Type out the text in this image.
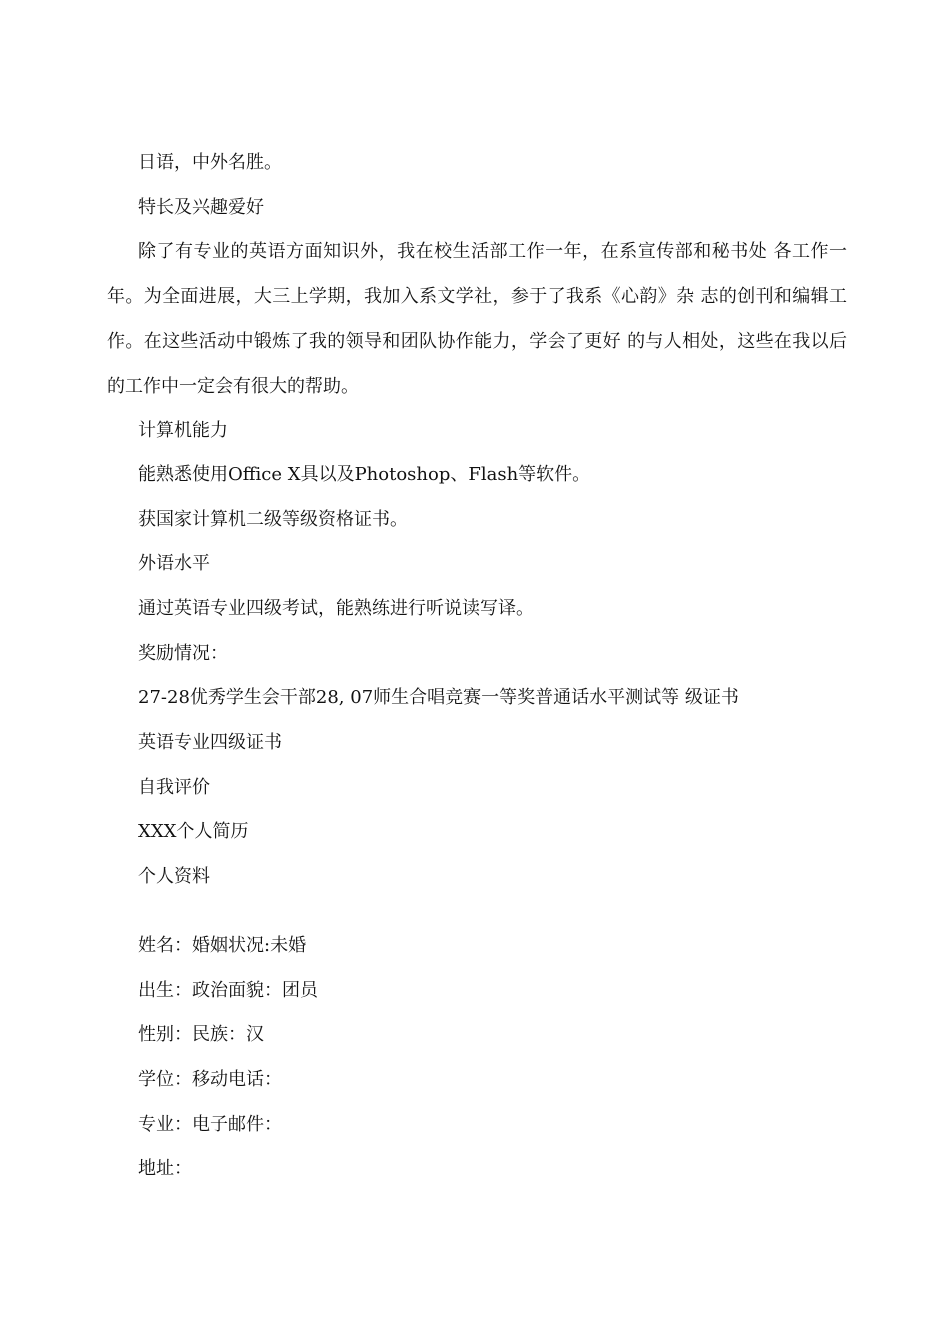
日语，中外名胜。

特长及兴趣爱好

除了有专业的英语方面知识外，我在校生活部工作一年，在系宣传部和秘书处 各工作一年。为全面进展，大三上学期，我加入系文学社，参于了我系《心韵》杂 志的创刊和编辑工作。在这些活动中锻炼了我的领导和团队协作能力，学会了更好 的与人相处，这些在我以后的工作中一定会有很大的帮助。

计算机能力

能熟悉使用Office X具以及Photoshop、Flash等软件。

获国家计算机二级等级资格证书。

外语水平

通过英语专业四级考试，能熟练进行听说读写译。

奖励情况：

27-28优秀学生会干部28, 07师生合唱竞赛一等奖普通话水平测试等 级证书

英语专业四级证书

自我评价

XXX个人简历

个人资料

姓名：婚姻状况:未婚

出生：政治面貌：团员

性别：民族：汉

学位：移动电话：

专业：电子邮件：

地址：
